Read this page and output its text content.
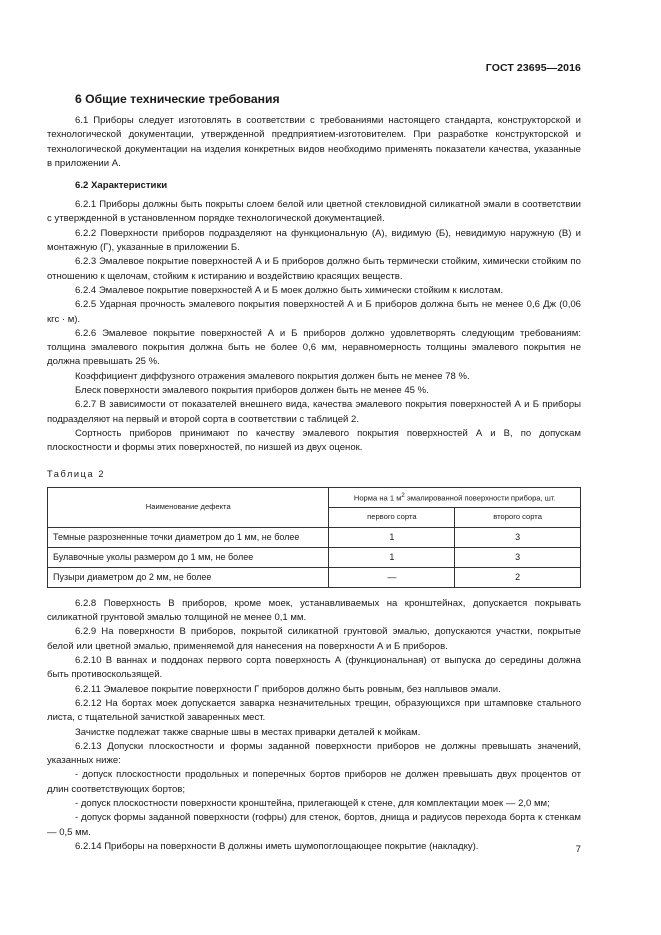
ГОСТ 23695—2016
6 Общие технические требования

6.1 Приборы следует изготовлять в соответствии с требованиями настоящего стандарта, конструкторской и технологической документации, утвержденной предприятием-изготовителем. При разработке конструкторской и технологической документации на изделия конкретных видов необходимо применять показатели качества, указанные в приложении А.

6.2 Характеристики

6.2.1 Приборы должны быть покрыты слоем белой или цветной стекловидной силикатной эмали в соответствии с утвержденной в установленном порядке технологической документацией.

6.2.2 Поверхности приборов подразделяют на функциональную (А), видимую (Б), невидимую наружную (В) и монтажную (Г), указанные в приложении Б.

6.2.3 Эмалевое покрытие поверхностей А и Б приборов должно быть термически стойким, химически стойким по отношению к щелочам, стойким к истиранию и воздействию красящих веществ.

6.2.4 Эмалевое покрытие поверхностей А и Б моек должно быть химически стойким к кислотам.

6.2.5 Ударная прочность эмалевого покрытия поверхностей А и Б приборов должна быть не менее 0,6 Дж (0,06 кгс · м).

6.2.6 Эмалевое покрытие поверхностей А и Б приборов должно удовлетворять следующим требованиям: толщина эмалевого покрытия должна быть не более 0,6 мм, неравномерность толщины эмалевого покрытия не должна превышать 25 %.

Коэффициент диффузного отражения эмалевого покрытия должен быть не менее 78 %.

Блеск поверхности эмалевого покрытия приборов должен быть не менее 45 %.

6.2.7 В зависимости от показателей внешнего вида, качества эмалевого покрытия поверхностей А и Б приборы подразделяют на первый и второй сорта в соответствии с таблицей 2.

Сортность приборов принимают по качеству эмалевого покрытия поверхностей А и В, по допускам плоскостности и формы этих поверхностей, по низшей из двух оценок.

Таблица 2
Наименование дефекта	Норма на 1 $м^2$ эмалированной поверхности прибора, шт.	
	первого сорта	второго сорта
Темные разрозненные точки диаметром до 1 мм, не более	1	3
Булавочные уколы размером до 1 мм, не более	1	3
Пузыри диаметром до 2 мм, не более	—	2

6.2.8 Поверхность В приборов, кроме моек, устанавливаемых на кронштейнах, допускается покрывать силикатной грунтовой эмалью толщиной не менее 0,1 мм.

6.2.9 На поверхности В приборов, покрытой силикатной грунтовой эмалью, допускаются участки, покрытые белой или цветной эмалью, применяемой для нанесения на поверхности А и Б приборов.

6.2.10 В ваннах и поддонах первого сорта поверхность А (функциональная) от выпуска до середины должна быть противоскользящей.

6.2.11 Эмалевое покрытие поверхности Г приборов должно быть ровным, без наплывов эмали.

6.2.12 На бортах моек допускается заварка незначительных трещин, образующихся при штамповке стального листа, с тщательной зачисткой заваренных мест.

Зачистке подлежат также сварные швы в местах приварки деталей к мойкам.

6.2.13 Допуски плоскостности и формы заданной поверхности приборов не должны превышать значений, указанных ниже:

- допуск плоскостности продольных и поперечных бортов приборов не должен превышать двух процентов от длин соответствующих бортов;

- допуск плоскостности поверхности кронштейна, прилегающей к стене, для комплектации моек — 2,0 мм;

- допуск формы заданной поверхности (гофры) для стенок, бортов, днища и радиусов перехода борта к стенкам — 0,5 мм.

6.2.14 Приборы на поверхности В должны иметь шумопоглощающее покрытие (накладку).	7
